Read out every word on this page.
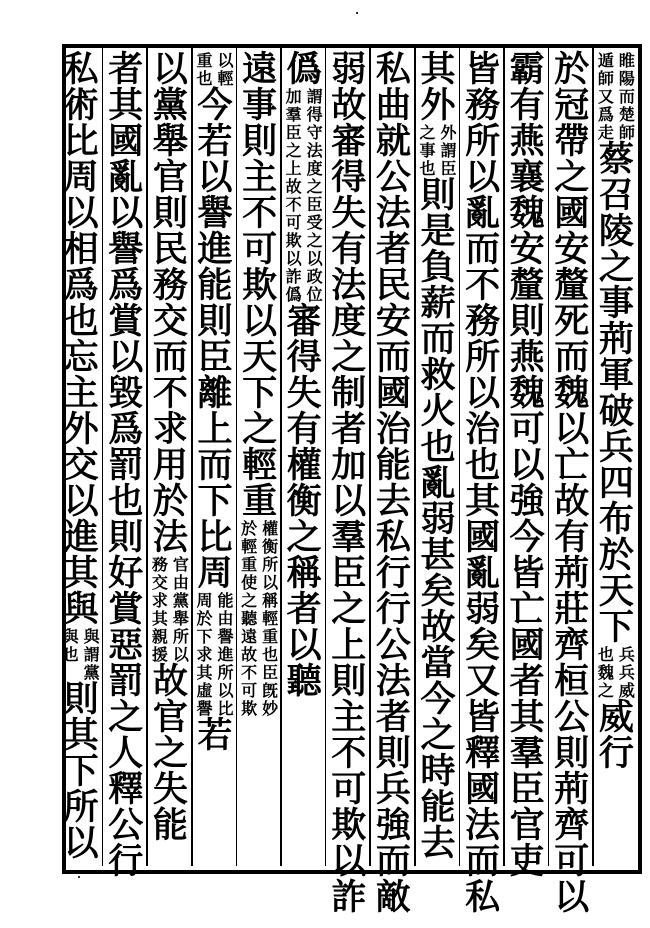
睢
陽
而
楚
師
遁
師
又
爲
走
蔡
召
陵
之
事
荊
軍
破
兵
四
布
於
天
下
兵
也
兵
威
魏
之
威
行
於
冠
帶
之
國
安
釐
死
而
魏
以
亡
故
有
荊
莊
齊
桓
公
則
荊
齊
可
以
霸
有
燕
襄
魏
安
釐
則
燕
魏
可
以
強
今
皆
亡
國
者
其
羣
臣
官
吏
皆
務
所
以
亂
而
不
務
所
以
治
也
其
國
亂
弱
矣
又
皆
釋
國
法
而
私
其
外
外
謂
臣
之
事
也
則
是
負
薪
而
救
火
也
亂
弱
甚
矣
故
當
今
之
時
能
去
私
曲
就
公
法
者
民
安
而
國
治
能
去
私
行
行
公
法
者
則
兵
強
而
敵
弱
故
審
得
失
有
法
度
之
制
者
加
以
羣
臣
之
上
則
主
不
可
欺
以
詐
僞
謂
得
守
法
度
之
臣
受
之
以
政
位
加
羣
臣
之
上
故
不
可
欺
以
詐
僞
審
得
失
有
權
衡
之
稱
者
以
聽
遠
事
則
主
不
可
欺
以
天
下
之
輕
重
權
衡
所
以
稱
輕
重
也
臣
旣
妙
於
輕
重
使
之
聽
遠
故
不
可
欺
以
輕
重
也
今
若
以
譽
進
能
則
臣
離
上
而
下
比
周
能
由
譽
進
所
以
比
周
於
下
求
其
虛
譽
若
以
黨
舉
官
則
民
務
交
而
不
求
用
於
法
官
由
黨
舉
所
以
務
交
求
其
親
援
故
官
之
失
能
者
其
國
亂
以
譽
爲
賞
以
毀
爲
罰
也
則
好
賞
惡
罰
之
人
釋
公
行
私
術
比
周
以
相
爲
也
忘
主
外
交
以
進
其
與
與
謂
黨
與
也
則
其
下
所
以
